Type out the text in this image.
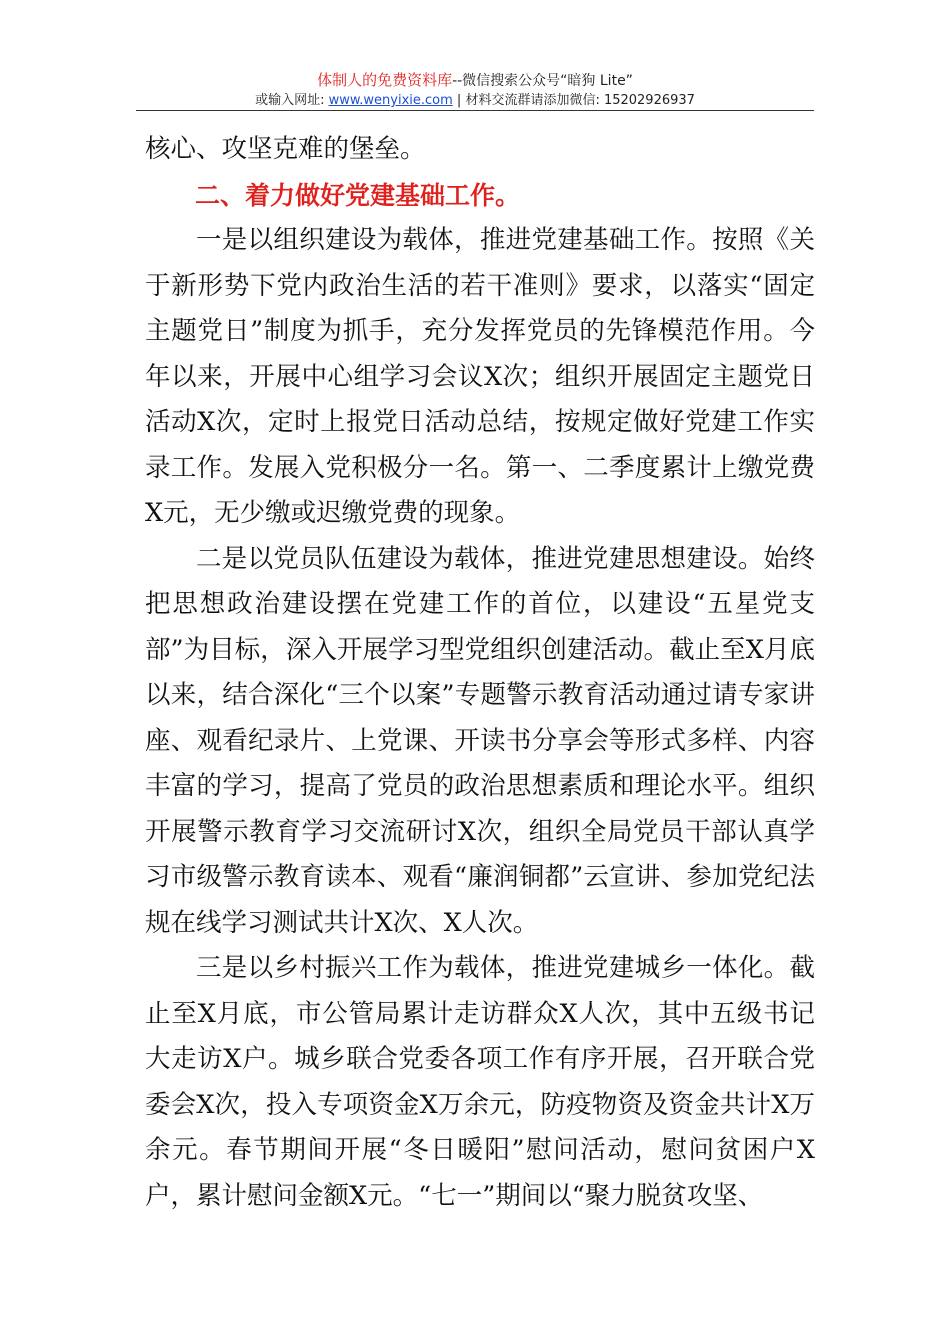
体制人的免费资料库--微信搜索公众号“暗狗 Lite”
或输入网址: www.wenyixie.com | 材料交流群请添加微信: 15202926937

核心、攻坚克难的堡垒。

二、着力做好党建基础工作。

一是以组织建设为载体，推进党建基础工作。按照《关于新形势下党内政治生活的若干准则》要求，以落实“固定主题党日”制度为抓手，充分发挥党员的先锋模范作用。今年以来，开展中心组学习会议X次；组织开展固定主题党日活动X次，定时上报党日活动总结，按规定做好党建工作实录工作。发展入党积极分一名。第一、二季度累计上缴党费X元，无少缴或迟缴党费的现象。

二是以党员队伍建设为载体，推进党建思想建设。始终把思想政治建设摆在党建工作的首位，以建设“五星党支部”为目标，深入开展学习型党组织创建活动。截止至X月底以来，结合深化“三个以案”专题警示教育活动通过请专家讲座、观看纪录片、上党课、开读书分享会等形式多样、内容丰富的学习，提高了党员的政治思想素质和理论水平。组织开展警示教育学习交流研讨X次，组织全局党员干部认真学习市级警示教育读本、观看“廉润铜都”云宣讲、参加党纪法规在线学习测试共计X次、X人次。

三是以乡村振兴工作为载体，推进党建城乡一体化。截止至X月底，市公管局累计走访群众X人次，其中五级书记大走访X户。城乡联合党委各项工作有序开展，召开联合党委会X次，投入专项资金X万余元，防疫物资及资金共计X万余元。春节期间开展“冬日暖阳”慰问活动，慰问贫困户X户，累计慰问金额X元。“七一”期间以“聚力脱贫攻坚、
